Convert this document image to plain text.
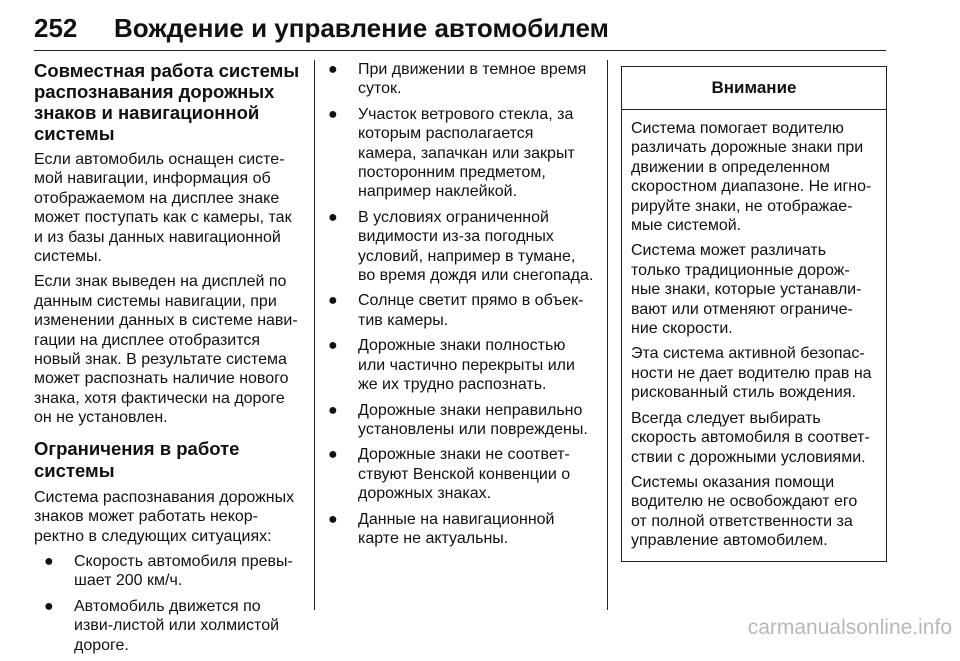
252 Вождение и управление автомобилем
Совместная работа системы распознавания дорожных знаков и навигационной системы

Если автомобиль оснащен систе-мой навигации, информация об отображаемом на дисплее знаке может поступать как с камеры, так и из базы данных навигационной системы.

Если знак выведен на дисплей по данным системы навигации, при изменении данных в системе нави-гации на дисплее отобразится новый знак. В результате система может распознать наличие нового знака, хотя фактически на дороге он не установлен.

Ограничения в работе системы

Система распознавания дорожных знаков может работать некор-ректно в следующих ситуациях:

●	Скорость автомобиля превы-шает 200 км/ч.
●	Автомобиль движется по изви-листой или холмистой дороге.
●	При движении в темное время суток.
●	Участок ветрового стекла, за которым располагается камера, запачкан или закрыт посторонним предметом, например наклейкой.
●	В условиях ограниченной видимости из-за погодных условий, например в тумане, во время дождя или снегопада.
●	Солнце светит прямо в объек-тив камеры.
●	Дорожные знаки полностью или частично перекрыты или же их трудно распознать.
●	Дорожные знаки неправильно установлены или повреждены.
●	Дорожные знаки не соответ-ствуют Венской конвенции о дорожных знаках.
●	Данные на навигационной карте не актуальны.
Внимание

Система помогает водителю различать дорожные знаки при движении в определенном скоростном диапазоне. Не игно-рируйте знаки, не отображае-мые системой.

Система может различать только традиционные дорож-ные знаки, которые устанавли-вают или отменяют ограниче-ние скорости.

Эта система активной безопас-ности не дает водителю прав на рискованный стиль вождения.

Всегда следует выбирать скорость автомобиля в соответ-ствии с дорожными условиями.

Системы оказания помощи водителю не освобождают его от полной ответственности за управление автомобилем.

carmanualsonline.info
